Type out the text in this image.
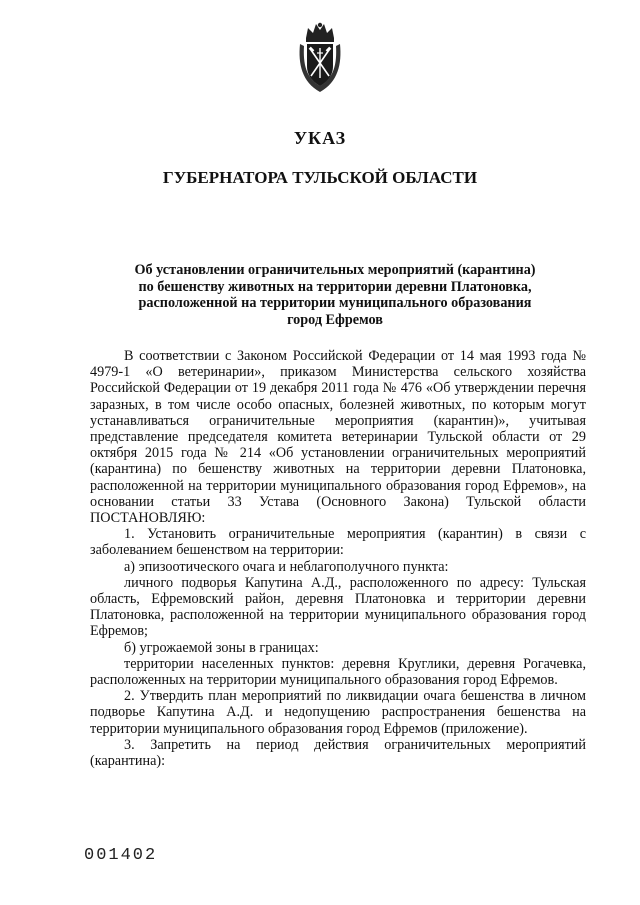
УКАЗ
ГУБЕРНАТОРА ТУЛЬСКОЙ ОБЛАСТИ
Об установлении ограничительных мероприятий (карантина)
по бешенству животных на территории деревни Платоновка,
расположенной на территории муниципального образования
город Ефремов

В соответствии с Законом Российской Федерации от 14 мая 1993 года № 4979-1 «О ветеринарии», приказом Министерства сельского хозяйства Российской Федерации от 19 декабря 2011 года № 476 «Об утверждении перечня заразных, в том числе особо опасных, болезней животных, по которым могут устанавливаться ограничительные мероприятия (карантин)», учитывая представление председателя комитета ветеринарии Тульской области от 29 октября 2015 года № 214 «Об установлении ограничительных мероприятий (карантина) по бешенству животных на территории деревни Платоновка, расположенной на территории муниципального образования город Ефремов», на основании статьи 33 Устава (Основного Закона) Тульской области ПОСТАНОВЛЯЮ:

1. Установить ограничительные мероприятия (карантин) в связи с заболеванием бешенством на территории:

а) эпизоотического очага и неблагополучного пункта:

личного подворья Капутина А.Д., расположенного по адресу: Тульская область, Ефремовский район, деревня Платоновка и территории деревни Платоновка, расположенной на территории муниципального образования город Ефремов;

б) угрожаемой зоны в границах:

территории населенных пунктов: деревня Круглики, деревня Рогачевка, расположенных на территории муниципального образования город Ефремов.

2. Утвердить план мероприятий по ликвидации очага бешенства в личном подворье Капутина А.Д. и недопущению распространения бешенства на территории муниципального образования город Ефремов (приложение).

3. Запретить на период действия ограничительных мероприятий (карантина):

001402
